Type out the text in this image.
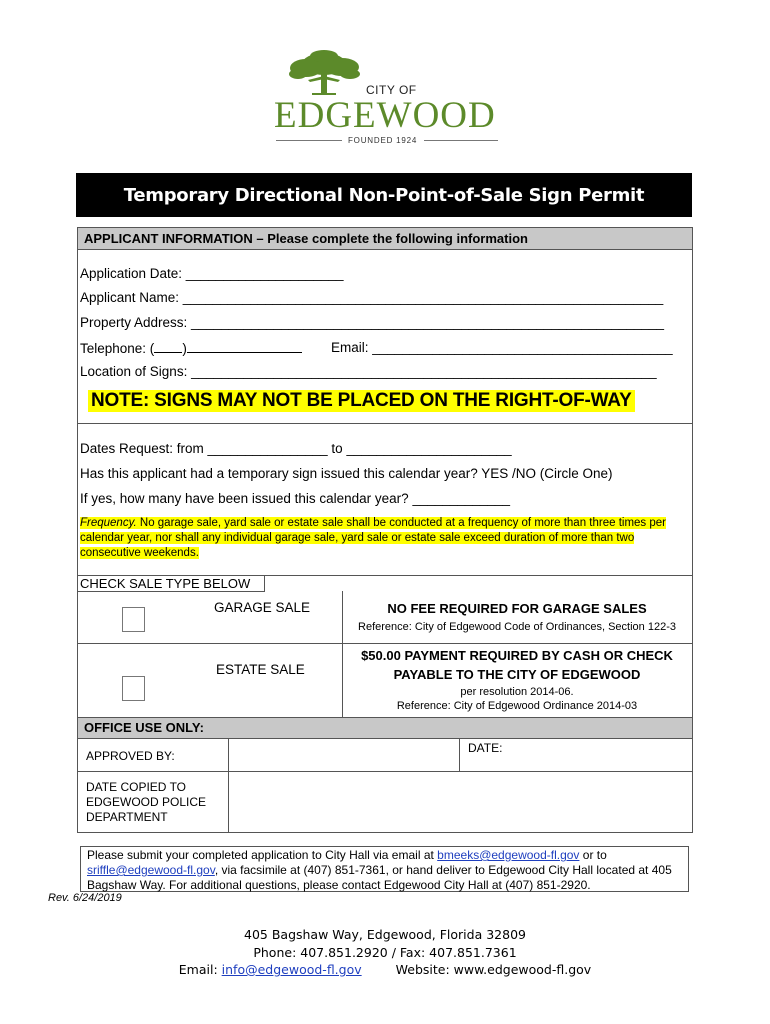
CITY OF
EDGEWOOD
FOUNDED 1924
Temporary Directional Non-Point-of-Sale Sign Permit
APPLICANT INFORMATION – Please complete the following information
Application Date: _____________________
Applicant Name: ________________________________________________________________
Property Address: _______________________________________________________________
Telephone: ( )	Email: ________________________________________
Location of Signs: ______________________________________________________________
NOTE: SIGNS MAY NOT BE PLACED ON THE RIGHT-OF-WAY
Dates Request: from ________________ to ______________________
Has this applicant had a temporary sign issued this calendar year? YES /NO (Circle One)
If yes, how many have been issued this calendar year? _____________
Frequency. No garage sale, yard sale or estate sale shall be conducted at a frequency of more than three times per calendar year, nor shall any individual garage sale, yard sale or estate sale exceed duration of more than two consecutive weekends.
CHECK SALE TYPE BELOW
GARAGE SALE	NO FEE REQUIRED FOR GARAGE SALES
Reference: City of Edgewood Code of Ordinances, Section 122-3
ESTATE SALE
$50.00 PAYMENT REQUIRED BY CASH OR CHECK
PAYABLE TO THE CITY OF EDGEWOOD
per resolution 2014-06.
Reference: City of Edgewood Ordinance 2014-03
OFFICE USE ONLY:
APPROVED BY:
DATE:
DATE COPIED TO
EDGEWOOD POLICE
DEPARTMENT

Please submit your completed application to City Hall via email at bmeeks@edgewood-fl.gov or to sriffle@edgewood-fl.gov, via facsimile at (407) 851-7361, or hand deliver to Edgewood City Hall located at 405 Bagshaw Way. For additional questions, please contact Edgewood City Hall at (407) 851-2920.

Rev. 6/24/2019
405 Bagshaw Way, Edgewood, Florida 32809
Phone: 407.851.2920 / Fax: 407.851.7361
Email: info@edgewood-fl.gov	Website: www.edgewood-fl.gov
